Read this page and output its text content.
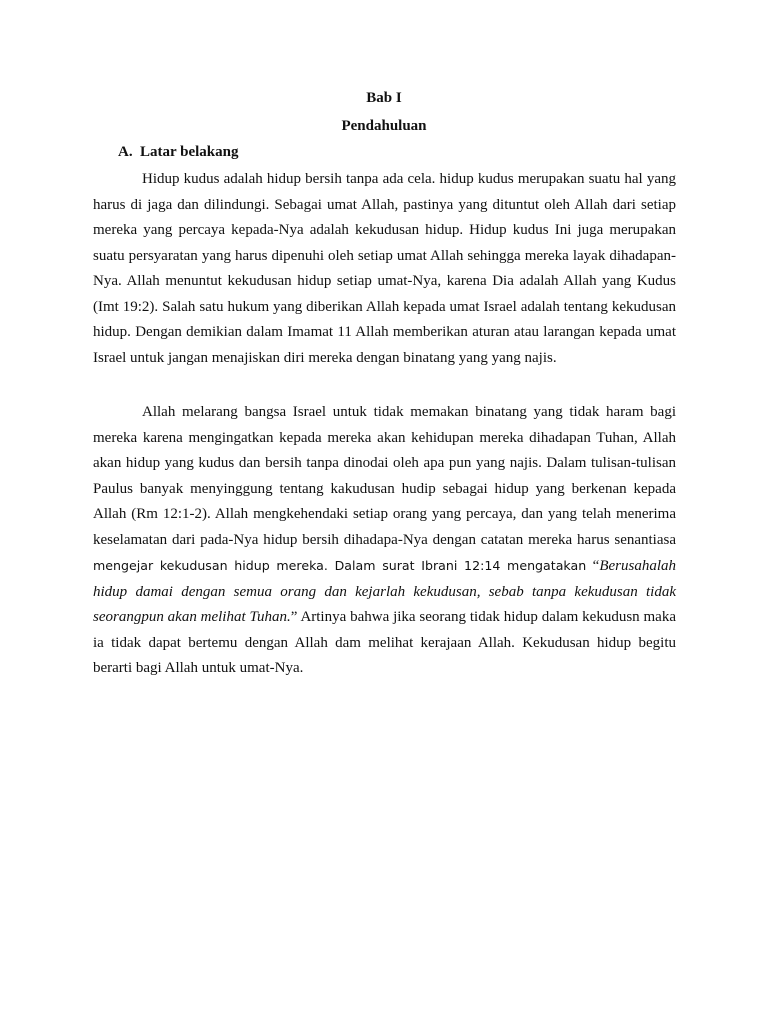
Bab I
Pendahuluan
A. Latar belakang

Hidup kudus adalah hidup bersih tanpa ada cela. hidup kudus merupakan suatu hal yang harus di jaga dan dilindungi. Sebagai umat Allah, pastinya yang dituntut oleh Allah dari setiap mereka yang percaya kepada-Nya adalah kekudusan hidup. Hidup kudus Ini juga merupakan suatu persyaratan yang harus dipenuhi oleh setiap umat Allah sehingga mereka layak dihadapan-Nya. Allah menuntut kekudusan hidup setiap umat-Nya, karena Dia adalah Allah yang Kudus (Imt 19:2). Salah satu hukum yang diberikan Allah kepada umat Israel adalah tentang kekudusan hidup. Dengan demikian dalam Imamat 11 Allah memberikan aturan atau larangan kepada umat Israel untuk jangan menajiskan diri mereka dengan binatang yang yang najis.

Allah melarang bangsa Israel untuk tidak memakan binatang yang tidak haram bagi mereka karena mengingatkan kepada mereka akan kehidupan mereka dihadapan Tuhan, Allah akan hidup yang kudus dan bersih tanpa dinodai oleh apa pun yang najis. Dalam tulisan-tulisan Paulus banyak menyinggung tentang kakudusan hudip sebagai hidup yang berkenan kepada Allah (Rm 12:1-2). Allah mengkehendaki setiap orang yang percaya, dan yang telah menerima keselamatan dari pada-Nya hidup bersih dihadapa-Nya dengan catatan mereka harus senantiasa mengejar kekudusan hidup mereka. Dalam surat Ibrani 12:14 mengatakan “Berusahalah hidup damai dengan semua orang dan kejarlah kekudusan, sebab tanpa kekudusan tidak seorangpun akan melihat Tuhan.” Artinya bahwa jika seorang tidak hidup dalam kekudusn maka ia tidak dapat bertemu dengan Allah dam melihat kerajaan Allah. Kekudusan hidup begitu berarti bagi Allah untuk umat-Nya.
